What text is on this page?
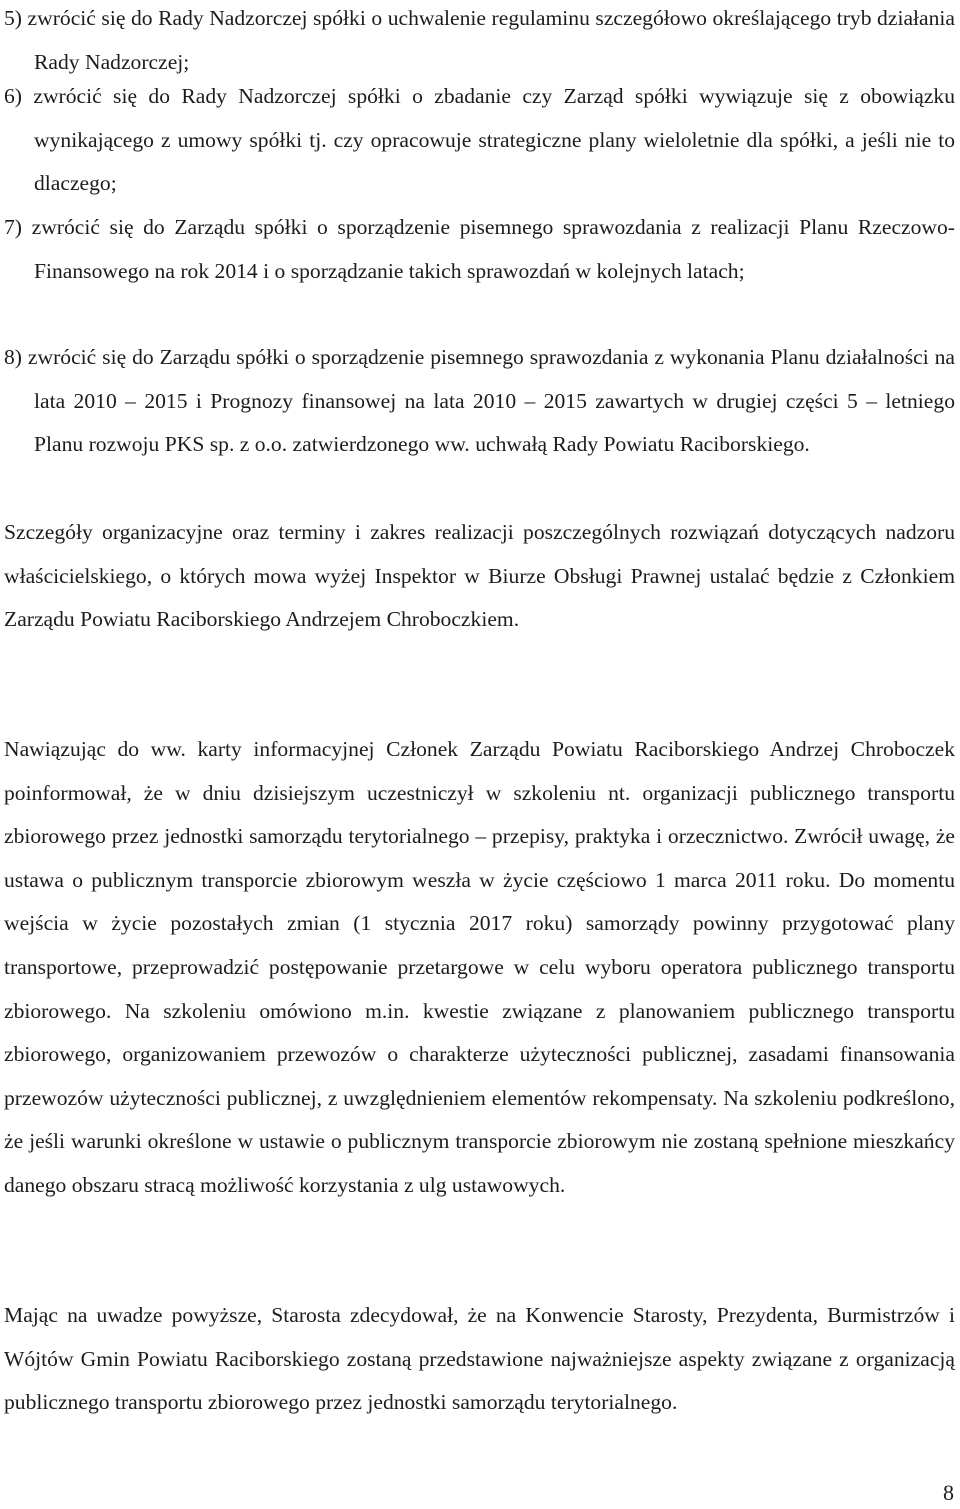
5) zwrócić się do Rady Nadzorczej spółki o uchwalenie regulaminu szczegółowo określającego tryb działania Rady Nadzorczej;
6) zwrócić się do Rady Nadzorczej spółki o zbadanie czy Zarząd spółki wywiązuje się z obowiązku wynikającego z umowy spółki tj. czy opracowuje strategiczne plany wieloletnie dla spółki, a jeśli nie to dlaczego;
7) zwrócić się do Zarządu spółki o sporządzenie pisemnego sprawozdania z realizacji Planu Rzeczowo-Finansowego na rok 2014 i o sporządzanie takich sprawozdań w kolejnych latach;
8) zwrócić się do Zarządu spółki o sporządzenie pisemnego sprawozdania z wykonania Planu działalności na lata 2010 – 2015 i Prognozy finansowej na lata 2010 – 2015 zawartych w drugiej części 5 – letniego Planu rozwoju PKS sp. z o.o. zatwierdzonego ww. uchwałą Rady Powiatu Raciborskiego.
Szczegóły organizacyjne oraz terminy i zakres realizacji poszczególnych rozwiązań dotyczących nadzoru właścicielskiego, o których mowa wyżej Inspektor w Biurze Obsługi Prawnej ustalać będzie z Członkiem Zarządu Powiatu Raciborskiego Andrzejem Chroboczkiem.
Nawiązując do ww. karty informacyjnej Członek Zarządu Powiatu Raciborskiego Andrzej Chroboczek poinformował, że w dniu dzisiejszym uczestniczył w szkoleniu nt. organizacji publicznego transportu zbiorowego przez jednostki samorządu terytorialnego – przepisy, praktyka i orzecznictwo. Zwrócił uwagę, że ustawa o publicznym transporcie zbiorowym weszła w życie częściowo 1 marca 2011 roku. Do momentu wejścia w życie pozostałych zmian (1 stycznia 2017 roku) samorządy powinny przygotować plany transportowe, przeprowadzić postępowanie przetargowe w celu wyboru operatora publicznego transportu zbiorowego. Na szkoleniu omówiono m.in. kwestie związane z planowaniem publicznego transportu zbiorowego, organizowaniem przewozów o charakterze użyteczności publicznej, zasadami finansowania przewozów użyteczności publicznej, z uwzględnieniem elementów rekompensaty. Na szkoleniu podkreślono, że jeśli warunki określone w ustawie o publicznym transporcie zbiorowym nie zostaną spełnione mieszkańcy danego obszaru stracą możliwość korzystania z ulg ustawowych.
Mając na uwadze powyższe, Starosta zdecydował, że na Konwencie Starosty, Prezydenta, Burmistrzów i Wójtów Gmin Powiatu Raciborskiego zostaną przedstawione najważniejsze aspekty związane z organizacją publicznego transportu zbiorowego przez jednostki samorządu terytorialnego.
8
